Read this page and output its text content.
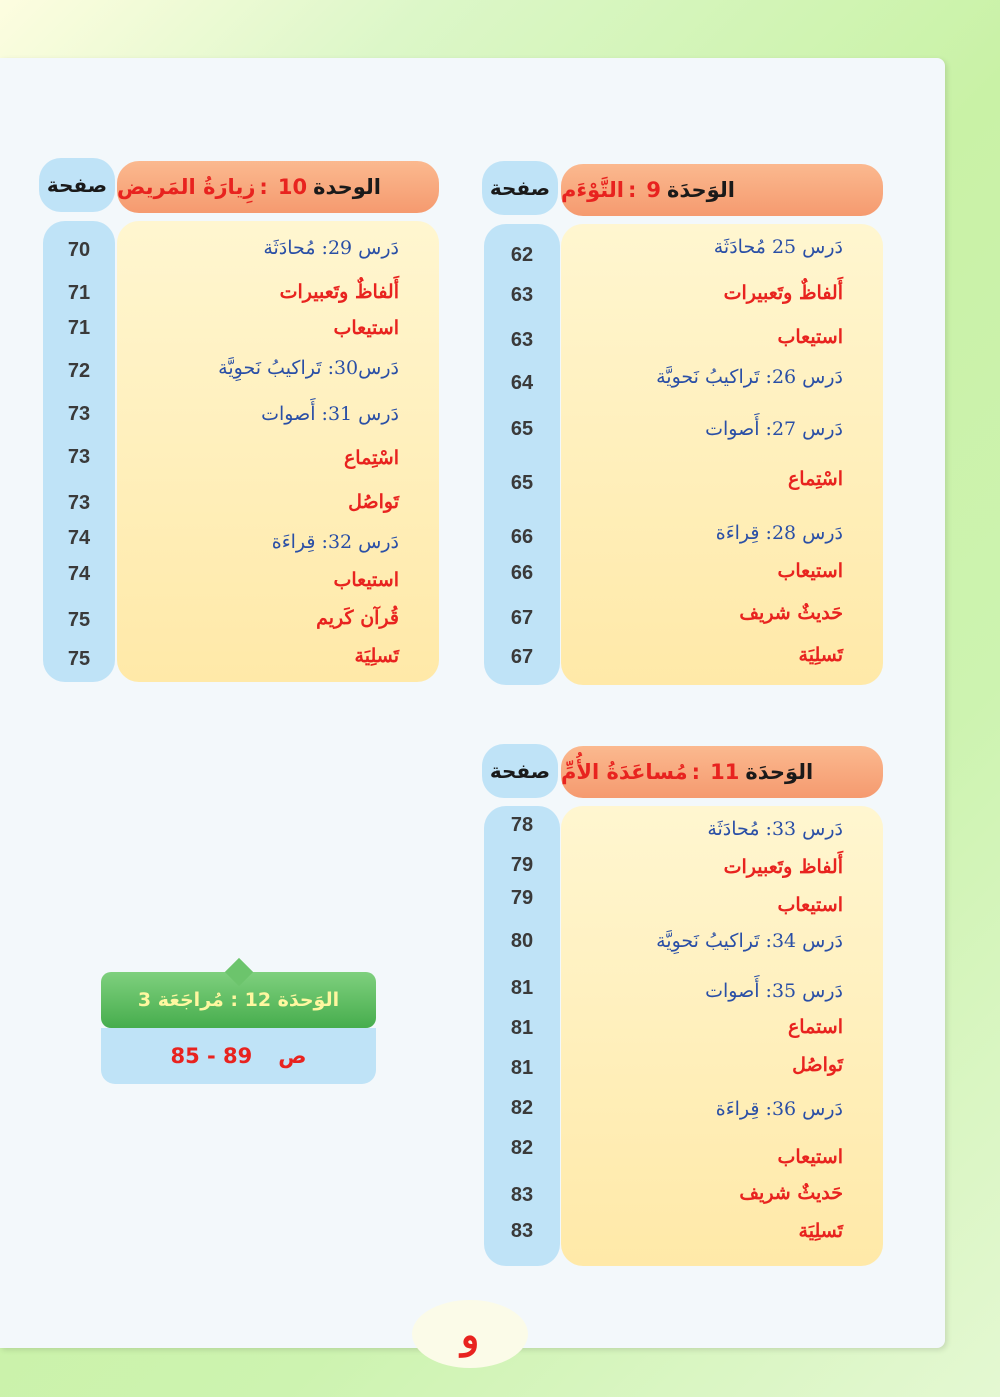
الوَحدَة
9
:
التَّوْءَم
صفحة
دَرس 25 مُحادَثَة
أَلفاظٌ وتَعبيرات
استيعاب
دَرس 26: تَراكيبُ نَحويَّة
دَرس 27: أَصوات
اسْتِماع
دَرس 28: قِراءَة
استيعاب
حَديثٌ شريف
تَسلِيَة
62
63
63
64
65
65
66
66
67
67
الوحدة
10
:
زِيارَةُ المَريض
صفحة
دَرس 29: مُحادَثَة
أَلفاظٌ وتَعبيرات
استيعاب
دَرس30: تَراكيبُ نَحوِيَّة
دَرس 31: أَصوات
اسْتِماع
تَواصُل
دَرس 32: قِراءَة
استيعاب
قُرآن كَريم
تَسلِيَة
70
71
71
72
73
73
73
74
74
75
75
الوَحدَة
11
:
مُساعَدَةُ الأُمِّ
صفحة
دَرس 33: مُحادَثَة
أَلفاظ وتَعبيرات
استيعاب
دَرس 34: تَراكيبُ نَحوِيَّة
دَرس 35: أَصوات
استماع
تَواصُل
دَرس 36: قِراءَة
استيعاب
حَديثٌ شريف
تَسلِيَة
78
79
79
80
81
81
81
82
82
83
83
الوَحدَة 12 : مُراجَعَة 3
ص
85 - 89
و
